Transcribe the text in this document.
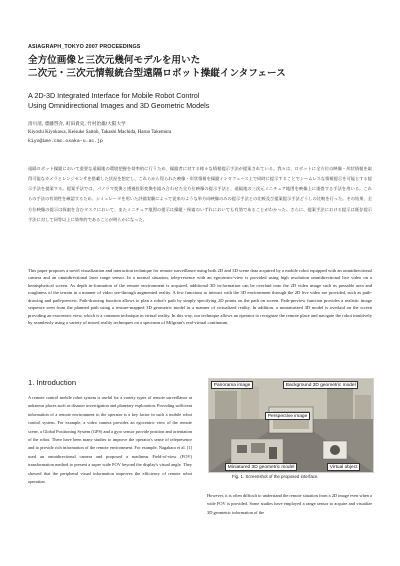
ASIAGRAPH_TOKYO 2007 PROCEEDINGS
全方位画像と三次元幾何モデルを用いた
二次元・三次元情報統合型遠隔ロボット操縦インタフェース
A 2D-3D Integrated Interface for Mobile Robot Control
Using Omnidirectional Images and 3D Geometric Models
清川清, 齋藤啓介, 町田貴史, 竹村治雄/大阪大学
Kiyoshi Kiyokawa, Keisuke Saitoh, Takashi Machida, Haruo Takemura
kiyo@ime.cmc.osaka-u.ac.jp
遠隔ロボット操縦において重要な遠隔地の環境把握を効率的に行うため、操縦者に対する様々な情報提示手法が提案されている。我々は、ロボットに全方位の映像・形状情報を取得可能なカメラとレンジセンサを搭載した状況を想定し、これらから得られた映像・形状情報を操縦インタフェース上で同時に提示することでシームレスな情報提示を可能とする提示手法を提案する。提案手法では、パノラマ変換と透視投影変換を組み合わせた全方位映像の提示手法と、遠隔地の三次元ミニチュア地図を映像上に重畳する手法を用いる。これらの手法の有効性を確認するため、シミュレータを用いた評価実験によって従来のような単方向映像のみの提示手法との比較及び提案提示手法どうしの比較を行った。その結果、全方位映像の提示は探索を含むタスクにおいて、またミニチュア地図の提示は操縦・探索のいずれにおいても有効であることがわかった。さらに、提案手法における提示は既存提示手法に対して同等以上に効率的であることが明らかになった。
This paper proposes a novel visualization and interaction technique for remote surveillance using both 2D and 3D scene data acquired by a mobile robot equipped with an omnidirectional camera and an omnidirectional laser range sensor. In a normal situation, telep-resence with an egocentric-view is provided using high resolution omnidirectional live video on a hemispherical screen. As depth in-formation of the remote environment is acquired, additional 3D in-formation can be overlaid onto the 2D video image such as passable area and roughness of the terrain in a manner of video see-through augmented reality. A few functions to interact with the 3D environment through the 2D live video are provided, such as path-drawing and path-preview. Path-drawing function allows to plan a robot's path by simply specifying 2D points on the path on screen. Path-preview function provides a realistic image sequence seen from the planned path using a texture-mapped 3D geometric model in a manner of virtualized reality. In addition, a miniaturized 3D model is overlaid on the screen providing an exocentric view, which is a common technique in virtual reality. In this way, our technique allows an operator to recognize the remote place and navigate the robot intuitively by seamlessly using a variety of mixed reality techniques on a spectrum of Milgram's real-virtual continuum.
1. Introduction
A remote control mobile robot system is useful for a variety types of remote surveillance at unknown places such as disaster investigation and planetary exploration. Providing sufficient information of a remote environment to the operator is a key factor in such a mobile robot control system. For example, a video camera provides an egocentric view of the remote scene, a Global Positioning System (GPS) and a gyro sensor provide position and orientation of the robot. There have been many studies to improve the operator's sense of telepresence and to provide rich information of the remote environment. For example, Nagahara et al. [1] used an omnidirectional camera and proposed a nonlinear Field-of-view (FOV) transformation method to present a super wide FOV beyond the display's visual angle. They showed that the peripheral visual information improves the efficiency of remote robot operation.
Panorama image	Background 3D geometric model
Perspective image
Miniatured 3D geometric model	Virtual object
Fig. 1. Screenshot of the proposed interface.
However, it is often difficult to understand the remote situation from a 2D image even when a wide FOV is provided. Some studies have employed a range sensor to acquire and visualize 3D geometric information of the
